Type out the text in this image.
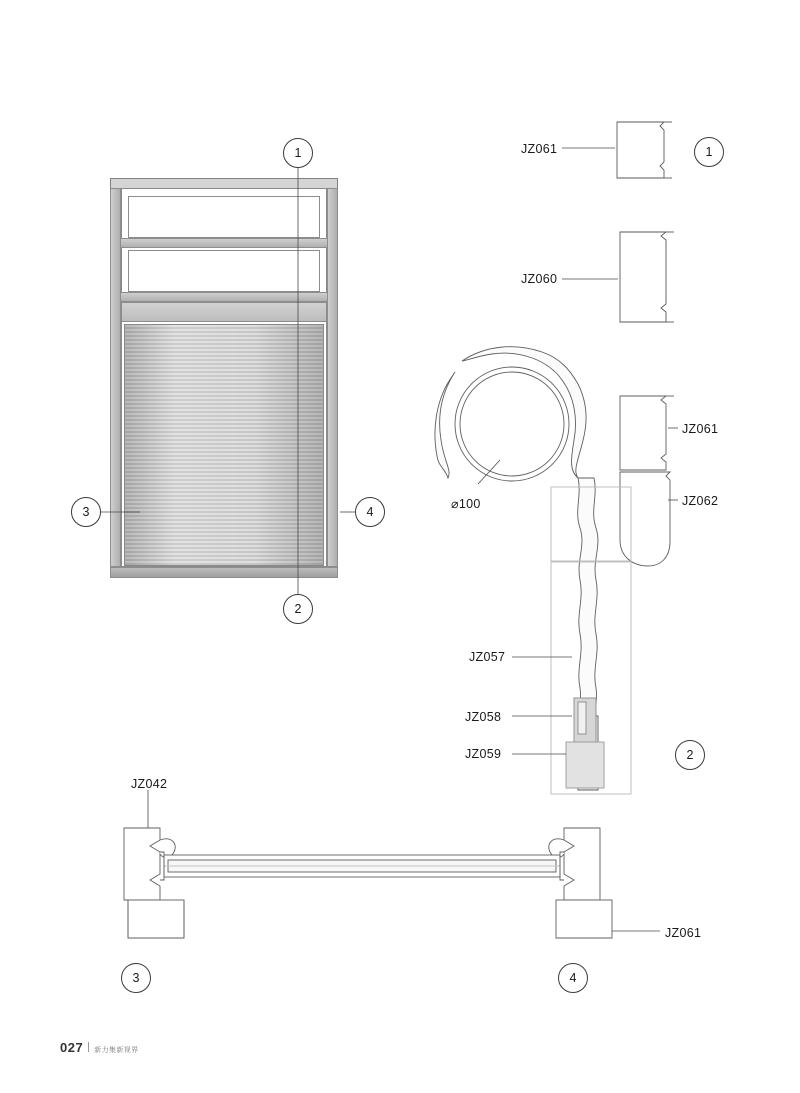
1
2
3	4
1
2
3	4
JZ061
JZ060
JZ061
JZ062
JZ057
JZ058
JZ059
JZ042
JZ061
⌀100
027 新力集新视界
